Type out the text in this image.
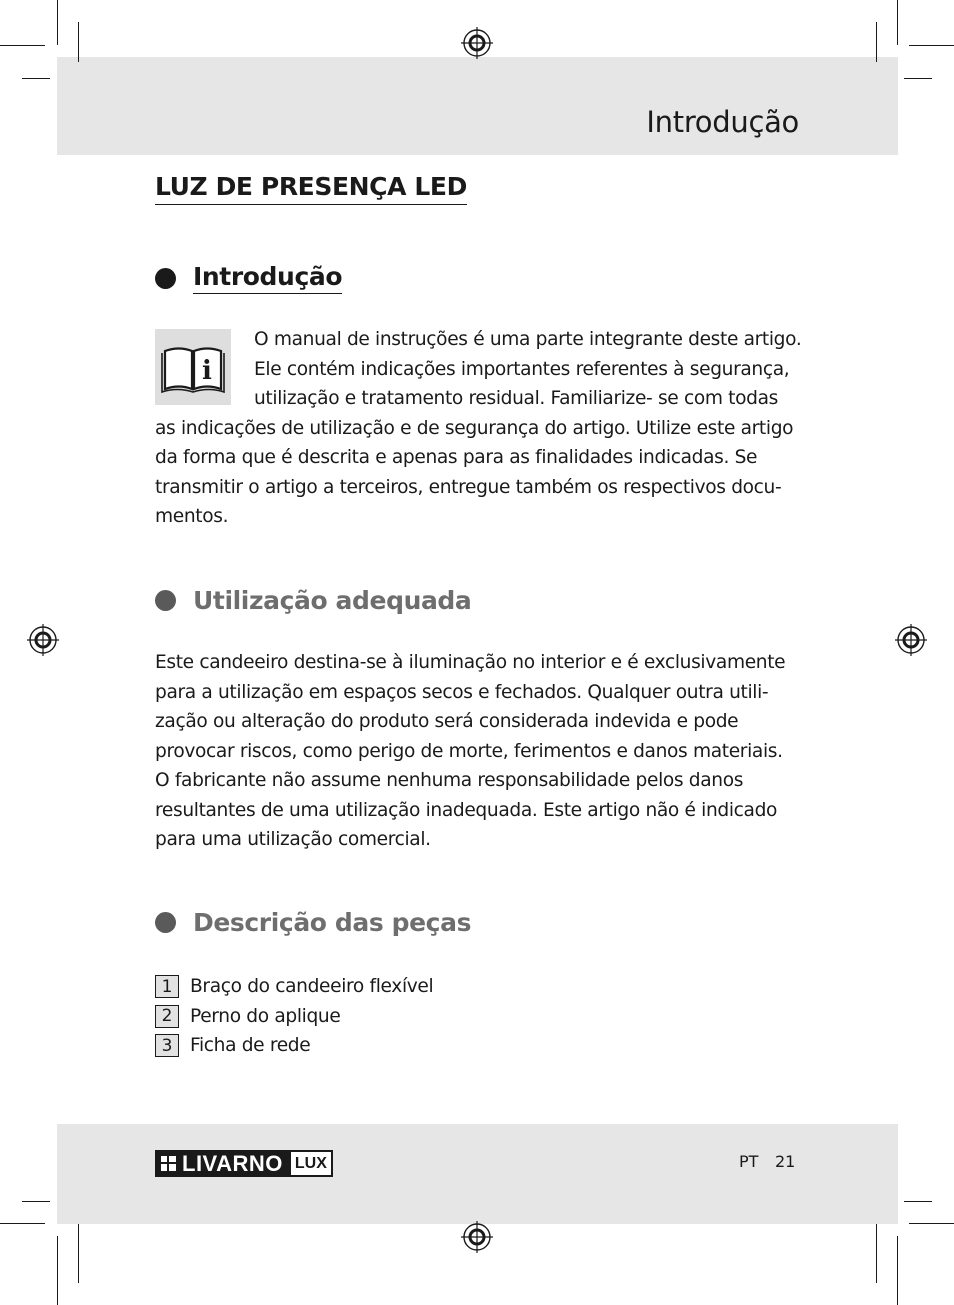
Introdução
LUZ DE PRESENÇA LED
Introdução
i
O manual de instruções é uma parte integrante deste artigo.
Ele contém indicações importantes referentes à segurança,
utilização e tratamento residual. Familiarize- se com todas
as indicações de utilização e de segurança do artigo. Utilize este artigo
da forma que é descrita e apenas para as finalidades indicadas. Se
transmitir o artigo a terceiros, entregue também os respectivos docu-
mentos.
Utilização adequada
Este candeeiro destina-se à iluminação no interior e é exclusivamente
para a utilização em espaços secos e fechados. Qualquer outra utili-
zação ou alteração do produto será considerada indevida e pode
provocar riscos, como perigo de morte, ferimentos e danos materiais.
O fabricante não assume nenhuma responsabilidade pelos danos
resultantes de uma utilização inadequada. Este artigo não é indicado
para uma utilização comercial.
Descrição das peças
1 Braço do candeeiro flexível
2 Perno do aplique
3 Ficha de rede
LIVARNO LUX	PT 21
